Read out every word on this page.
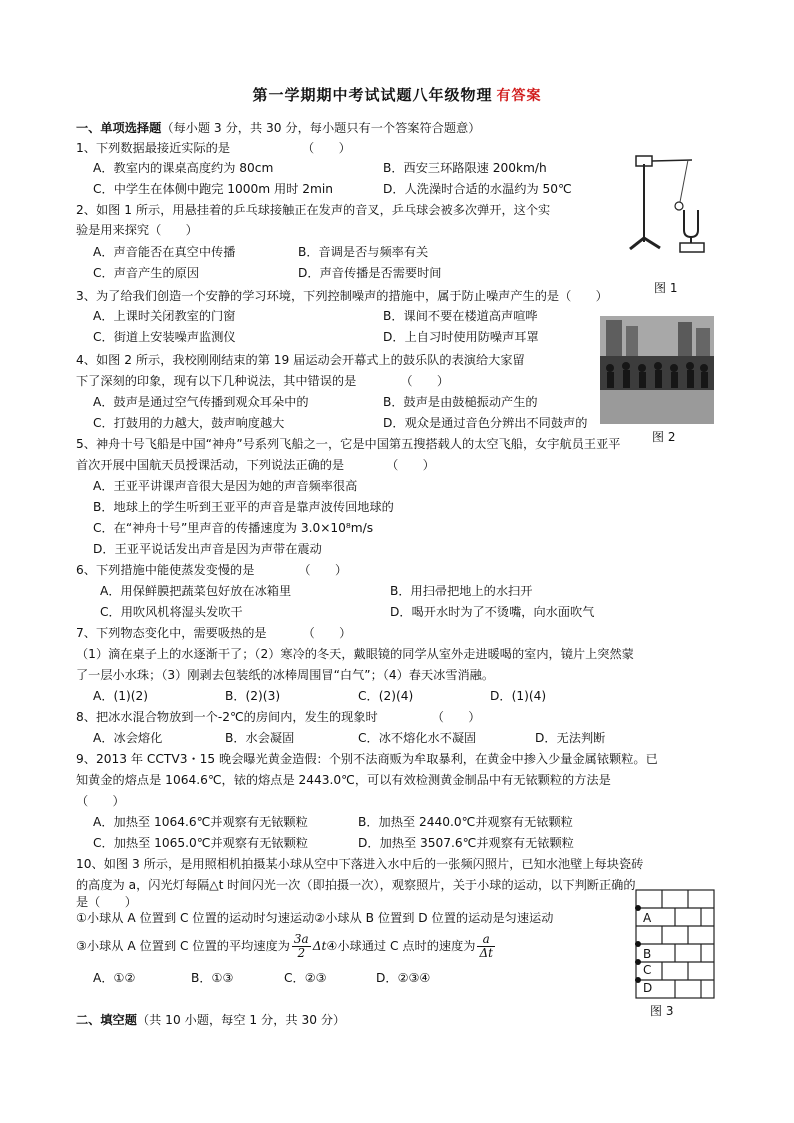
第一学期期中考试试题八年级物理 有答案
一、单项选择题（每小题 3 分，共 30 分，每小题只有一个答案符合题意）
1、下列数据最接近实际的是	（　　）
A．教室内的课桌高度约为 80cm	B．西安三环路限速 200km/h
C．中学生在体侧中跑完 1000m 用时 2min	D．人洗澡时合适的水温约为 50℃
2、如图 1 所示，用悬挂着的乒乓球接触正在发声的音叉，乒乓球会被多次弹开，这个实
验是用来探究（　　）
A．声音能否在真空中传播	B．音调是否与频率有关
C．声音产生的原因	D．声音传播是否需要时间
图 1
3、为了给我们创造一个安静的学习环境，下列控制噪声的措施中，属于防止噪声产生的是（　　）
A．上课时关闭教室的门窗	B．课间不要在楼道高声喧哗
C．街道上安装噪声监测仪	D．上自习时使用防噪声耳罩
图 2
4、如图 2 所示，我校刚刚结束的第 19 届运动会开幕式上的鼓乐队的表演给大家留
下了深刻的印象，现有以下几种说法，其中错误的是	（　　）
A．鼓声是通过空气传播到观众耳朵中的	B．鼓声是由鼓槌振动产生的
C．打鼓用的力越大，鼓声响度越大	D．观众是通过音色分辨出不同鼓声的
5、神舟十号飞船是中国“神舟”号系列飞船之一，它是中国第五搜搭载人的太空飞船，女宇航员王亚平
首次开展中国航天员授课活动，下列说法正确的是	（　　）
A．王亚平讲课声音很大是因为她的声音频率很高
B．地球上的学生听到王亚平的声音是靠声波传回地球的
C．在“神舟十号”里声音的传播速度为 3.0×10⁸m/s
D．王亚平说话发出声音是因为声带在震动
6、下列措施中能使蒸发变慢的是	（　　）
A．用保鲜膜把蔬菜包好放在冰箱里	B．用扫帚把地上的水扫开
C．用吹风机将湿头发吹干	D．喝开水时为了不烫嘴，向水面吹气
7、下列物态变化中，需要吸热的是	（　　）
（1）滴在桌子上的水逐渐干了；（2）寒冷的冬天，戴眼镜的同学从室外走进暖喝的室内，镜片上突然蒙
了一层小水珠；（3）刚剥去包装纸的冰棒周围冒“白气”；（4）春天冰雪消融。
A．(1)(2)	B．(2)(3)	C．(2)(4)	D．(1)(4)
8、把冰水混合物放到一个-2℃的房间内，发生的现象时	（　　）
A．冰会熔化	B．水会凝固	C．冰不熔化水不凝固	D．无法判断
9、2013 年 CCTV3・15 晚会曝光黄金造假：个别不法商贩为牟取暴利，在黄金中掺入少量金属铱颗粒。已
知黄金的熔点是 1064.6℃，铱的熔点是 2443.0℃，可以有效检测黄金制品中有无铱颗粒的方法是
（　　）
A．加热至 1064.6℃并观察有无铱颗粒	B．加热至 2440.0℃并观察有无铱颗粒
C．加热至 1065.0℃并观察有无铱颗粒	D．加热至 3507.6℃并观察有无铱颗粒
10、如图 3 所示，是用照相机拍摄某小球从空中下落进入水中后的一张频闪照片，已知水池壁上每块瓷砖
的高度为 a，闪光灯每隔△t 时间闪光一次（即拍摄一次），观察照片，关于小球的运动，以下判断正确的
是（　　）
①小球从 A 位置到 C 位置的运动时匀速运动②小球从 B 位置到 D 位置的运动是匀速运动
③小球从 A 位置到 C 位置的平均速度为 $\frac{3a}{2}$ Δt④小球通过 C 点时的速度为 $\frac{a}{\Delta t}$
A．①②	B．①③	C．②③	D．②③④
A
B
C
D
图 3
二、填空题（共 10 小题，每空 1 分，共 30 分）
